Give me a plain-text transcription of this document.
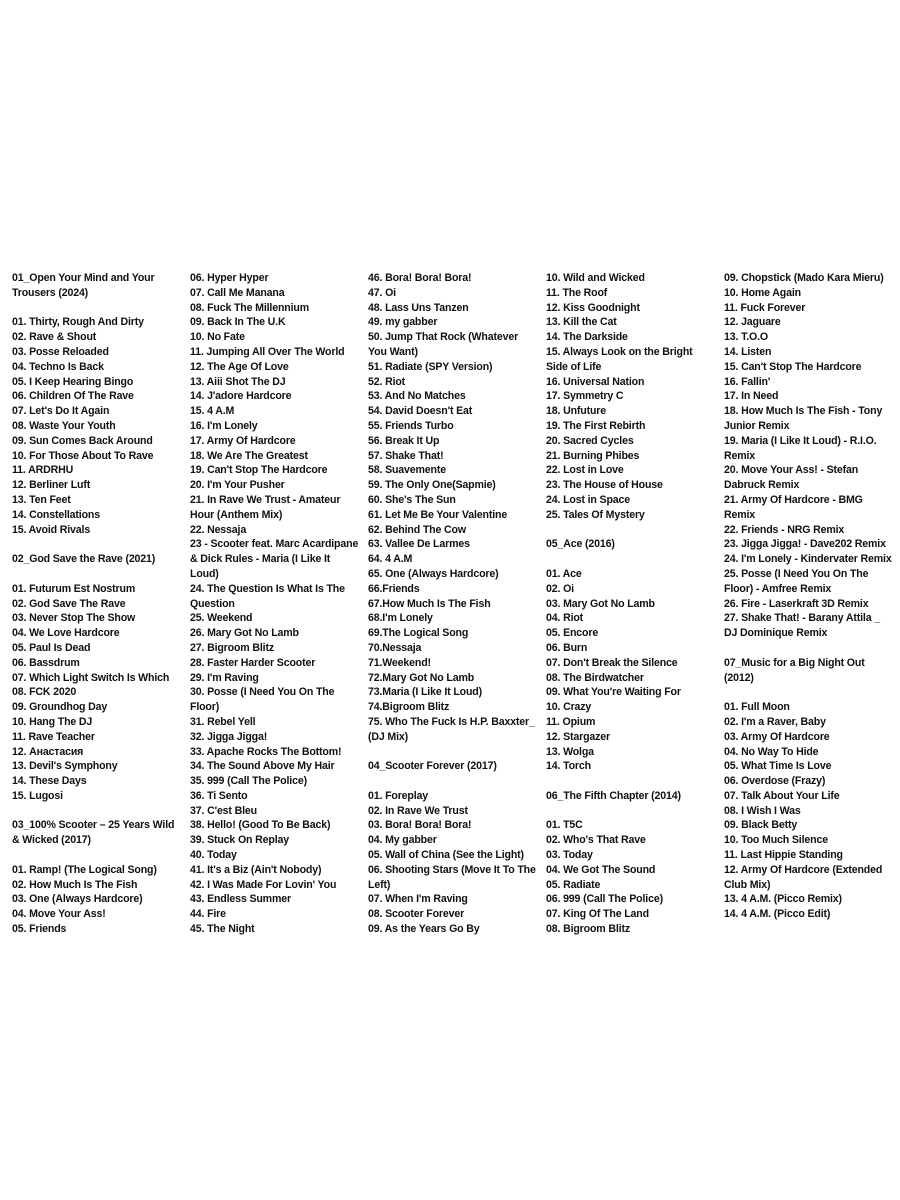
01_Open Your Mind and Your Trousers (2024)
01. Thirty, Rough And Dirty
02. Rave & Shout
03. Posse Reloaded
04. Techno Is Back
05. I Keep Hearing Bingo
06. Children Of The Rave
07. Let's Do It Again
08. Waste Your Youth
09. Sun Comes Back Around
10. For Those About To Rave
11. ARDRHU
12. Berliner Luft
13. Ten Feet
14. Constellations
15. Avoid Rivals
02_God Save the Rave (2021)
01. Futurum Est Nostrum
02. God Save The Rave
03. Never Stop The Show
04. We Love Hardcore
05. Paul Is Dead
06. Bassdrum
07. Which Light Switch Is Which
08. FCK 2020
09. Groundhog Day
10. Hang The DJ
11. Rave Teacher
12. Анастасия
13. Devil's Symphony
14. These Days
15. Lugosi
03_100% Scooter – 25 Years Wild & Wicked (2017)
01. Ramp! (The Logical Song)
02. How Much Is The Fish
03. One (Always Hardcore)
04. Move Your Ass!
05. Friends
06. Hyper Hyper
07. Call Me Manana
08. Fuck The Millennium
09. Back In The U.K
10. No Fate
11. Jumping All Over The World
12. The Age Of Love
13. Aiii Shot The DJ
14. J'adore Hardcore
15. 4 A.M
16. I'm Lonely
17. Army Of Hardcore
18. We Are The Greatest
19. Can't Stop The Hardcore
20. I'm Your Pusher
21. In Rave We Trust - Amateur Hour (Anthem Mix)
22. Nessaja
23 - Scooter feat. Marc Acardipane & Dick Rules - Maria (I Like It Loud)
24. The Question Is What Is The Question
25. Weekend
26. Mary Got No Lamb
27. Bigroom Blitz
28. Faster Harder Scooter
29. I'm Raving
30. Posse (I Need You On The Floor)
31. Rebel Yell
32. Jigga Jigga!
33. Apache Rocks The Bottom!
34. The Sound Above My Hair
35. 999 (Call The Police)
36. Ti Sento
37. C'est Bleu
38. Hello! (Good To Be Back)
39. Stuck On Replay
40. Today
41. It's a Biz (Ain't Nobody)
42. I Was Made For Lovin' You
43. Endless Summer
44. Fire
45. The Night
46. Bora! Bora! Bora!
47. Oi
48. Lass Uns Tanzen
49. my gabber
50. Jump That Rock (Whatever You Want)
51. Radiate (SPY Version)
52. Riot
53. And No Matches
54. David Doesn't Eat
55. Friends Turbo
56. Break It Up
57. Shake That!
58. Suavemente
59. The Only One(Sapmie)
60. She's The Sun
61. Let Me Be Your Valentine
62. Behind The Cow
63. Vallee De Larmes
64. 4 A.M
65. One (Always Hardcore)
66.Friends
67.How Much Is The Fish
68.I'm Lonely
69.The Logical Song
70.Nessaja
71.Weekend!
72.Mary Got No Lamb
73.Maria (I Like It Loud)
74.Bigroom Blitz
75. Who The Fuck Is H.P. Baxxter_ (DJ Mix)
04_Scooter Forever (2017)
01. Foreplay
02. In Rave We Trust
03. Bora! Bora! Bora!
04. My gabber
05. Wall of China (See the Light)
06. Shooting Stars (Move It To The Left)
07. When I'm Raving
08. Scooter Forever
09. As the Years Go By
10. Wild and Wicked
11. The Roof
12. Kiss Goodnight
13. Kill the Cat
14. The Darkside
15. Always Look on the Bright Side of Life
16. Universal Nation
17. Symmetry C
18. Unfuture
19. The First Rebirth
20. Sacred Cycles
21. Burning Phibes
22. Lost in Love
23. The House of House
24. Lost in Space
25. Tales Of Mystery
05_Ace (2016)
01. Ace
02. Oi
03. Mary Got No Lamb
04. Riot
05. Encore
06. Burn
07. Don't Break the Silence
08. The Birdwatcher
09. What You're Waiting For
10. Crazy
11. Opium
12. Stargazer
13. Wolga
14. Torch
06_The Fifth Chapter (2014)
01. T5C
02. Who's That Rave
03. Today
04. We Got The Sound
05. Radiate
06. 999 (Call The Police)
07. King Of The Land
08. Bigroom Blitz
09. Chopstick (Mado Kara Mieru)
10. Home Again
11. Fuck Forever
12. Jaguare
13. T.O.O
14. Listen
15. Can't Stop The Hardcore
16. Fallin'
17. In Need
18. How Much Is The Fish - Tony Junior Remix
19. Maria (I Like It Loud) - R.I.O. Remix
20. Move Your Ass! - Stefan Dabruck Remix
21. Army Of Hardcore - BMG Remix
22. Friends - NRG Remix
23. Jigga Jigga! - Dave202 Remix
24. I'm Lonely - Kindervater Remix
25. Posse (I Need You On The Floor) - Amfree Remix
26. Fire - Laserkraft 3D Remix
27. Shake That! - Barany Attila _ DJ Dominique Remix
07_Music for a Big Night Out (2012)
01. Full Moon
02. I'm a Raver, Baby
03. Army Of Hardcore
04. No Way To Hide
05. What Time Is Love
06. Overdose (Frazy)
07. Talk About Your Life
08. I Wish I Was
09. Black Betty
10. Too Much Silence
11. Last Hippie Standing
12. Army Of Hardcore (Extended Club Mix)
13. 4 A.M. (Picco Remix)
14. 4 A.M. (Picco Edit)
